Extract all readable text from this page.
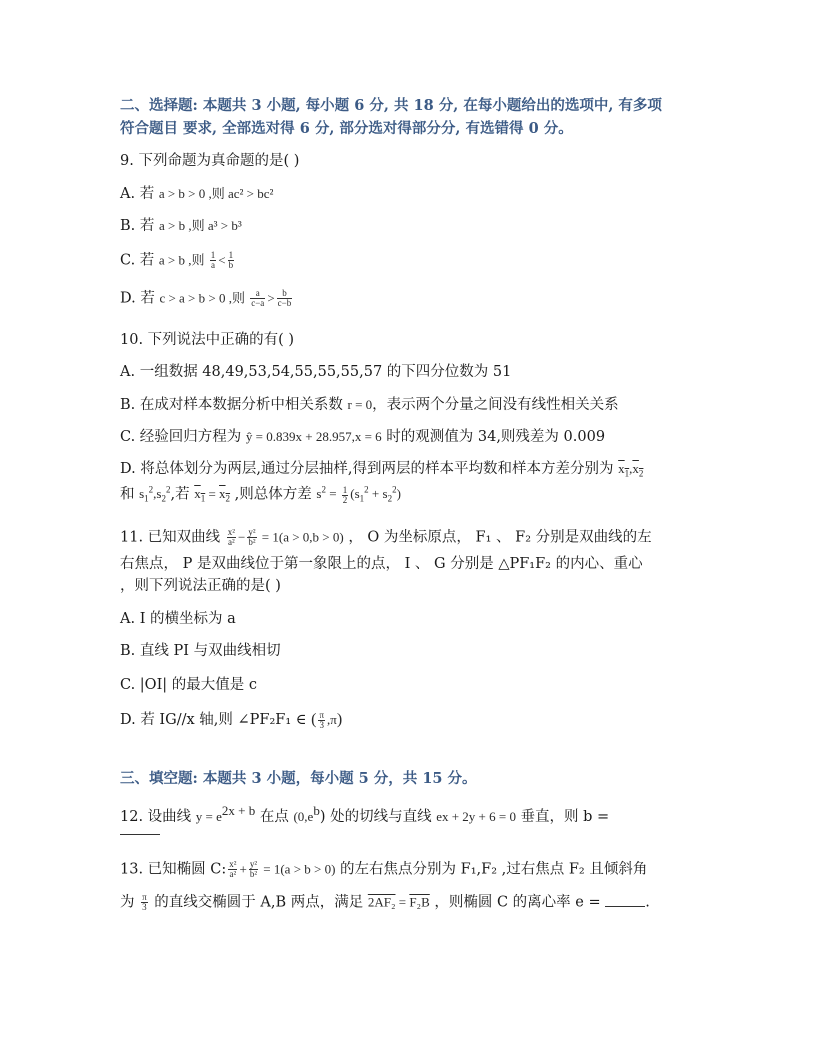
二、选择题: 本题共 3 小题, 每小题 6 分, 共 18 分, 在每小题给出的选项中, 有多项
符合题目 要求, 全部选对得 6 分, 部分选对得部分分, 有选错得 0 分。
9. 下列命题为真命题的是( )
A. 若 a > b > 0 ,则 ac² > bc²
B. 若 a > b ,则 a³ > b³
C. 若 a > b ,则 $\frac{1}{a} < \frac{1}{b}$
D. 若 c > a > b > 0 ,则 $\frac{a}{c-a} > \frac{b}{c-b}$
10. 下列说法中正确的有( )
A. 一组数据 48,49,53,54,55,55,55,57 的下四分位数为 51
B. 在成对样本数据分析中相关系数 r = 0，表示两个分量之间没有线性相关关系
C. 经验回归方程为 ŷ = 0.839x + 28.957,x = 6 时的观测值为 34,则残差为 0.009
D. 将总体划分为两层,通过分层抽样,得到两层的样本平均数和样本方差分别为 $x_1,x_2$
和 $s_1^2,s_2^2$,若 $x_1 = x_2$ ,则总体方差 $s^2 = \frac{1}{2} (s_1^2 + s_2^2)$
11. 已知双曲线 $\frac{\text{x²}}{\text{a²}} - \frac{\text{y²}}{\text{b²}} = 1(a > 0,b > 0)$ ， O 为坐标原点， F₁ 、 F₂ 分别是双曲线的左
右焦点， P 是双曲线位于第一象限上的点， I 、 G 分别是 △PF₁F₂ 的内心、重心
，则下列说法正确的是( )
A. I 的横坐标为 a
B. 直线 PI 与双曲线相切
C. |OI| 的最大值是 c
D. 若 IG//x 轴,则 ∠PF₂F₁ ∈ ( $\frac{\pi}{3} ,\pi$)
三、填空题: 本题共 3 小题，每小题 5 分，共 15 分。
12. 设曲线 $y = e^{2x + b}$ 在点 $(0,e^b)$ 处的切线与直线 ex + 2y + 6 = 0 垂直，则 b =
13. 已知椭圆 C: $\frac{\text{x²}}{\text{a²}} + \frac{\text{y²}}{\text{b²}} = 1(a > b > 0)$ 的左右焦点分别为 F₁,F₂ ,过右焦点 F₂ 且倾斜角
为 $\frac{\pi}{3}$ 的直线交椭圆于 A,B 两点，满足 2AF₂ = F₂B ，则椭圆 C 的离心率 e =	.
